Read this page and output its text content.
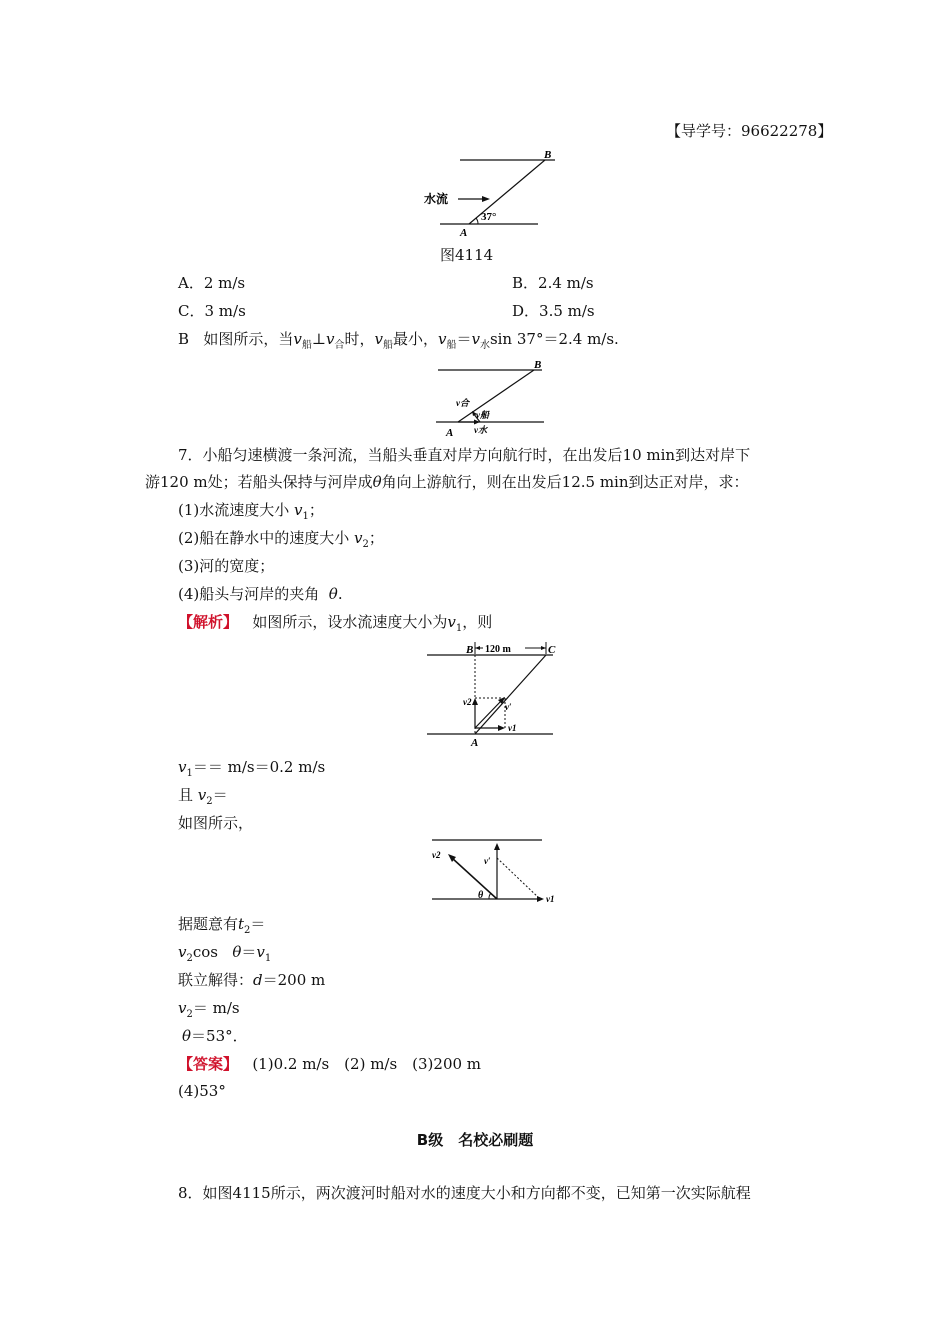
【导学号：96622278】
水流
37°
A
B
图4114
A．2 m/s	B．2.4 m/s
C．3 m/s	D．3.5 m/s
B 如图所示，当$v_船\perp v_合$时，$v_船$最小，$v_船=v_水\sin$ 37°＝2.4 m/s.
v合
v船
v水
A
B
7．小船匀速横渡一条河流，当船头垂直对岸方向航行时，在出发后10 min到达对岸下
游120 m处；若船头保持与河岸成θ角向上游航行，则在出发后12.5 min到达正对岸，求：
(1)水流速度大小 $v_1$；
(2)船在静水中的速度大小 $v_2$；
(3)河的宽度；
(4)船头与河岸的夹角 θ.
【解析】 如图所示，设水流速度大小为$v_1$，则
120 m
v2
v1
v′
B	C
A
$v_1== m/s=0.2$ m/s
且 $v_2=$
如图所示，
v2
v′
θ	v1
据题意有$t_2=$
$v_2\cos$ $\theta=v_1$
联立解得：d＝200 m
$v_2= m/s$
θ＝53°．
【答案】 (1)0.2 m/s　(2) m/s　(3)200 m
(4)53°
B级　名校必刷题
8．如图4115所示，两次渡河时船对水的速度大小和方向都不变，已知第一次实际航程
